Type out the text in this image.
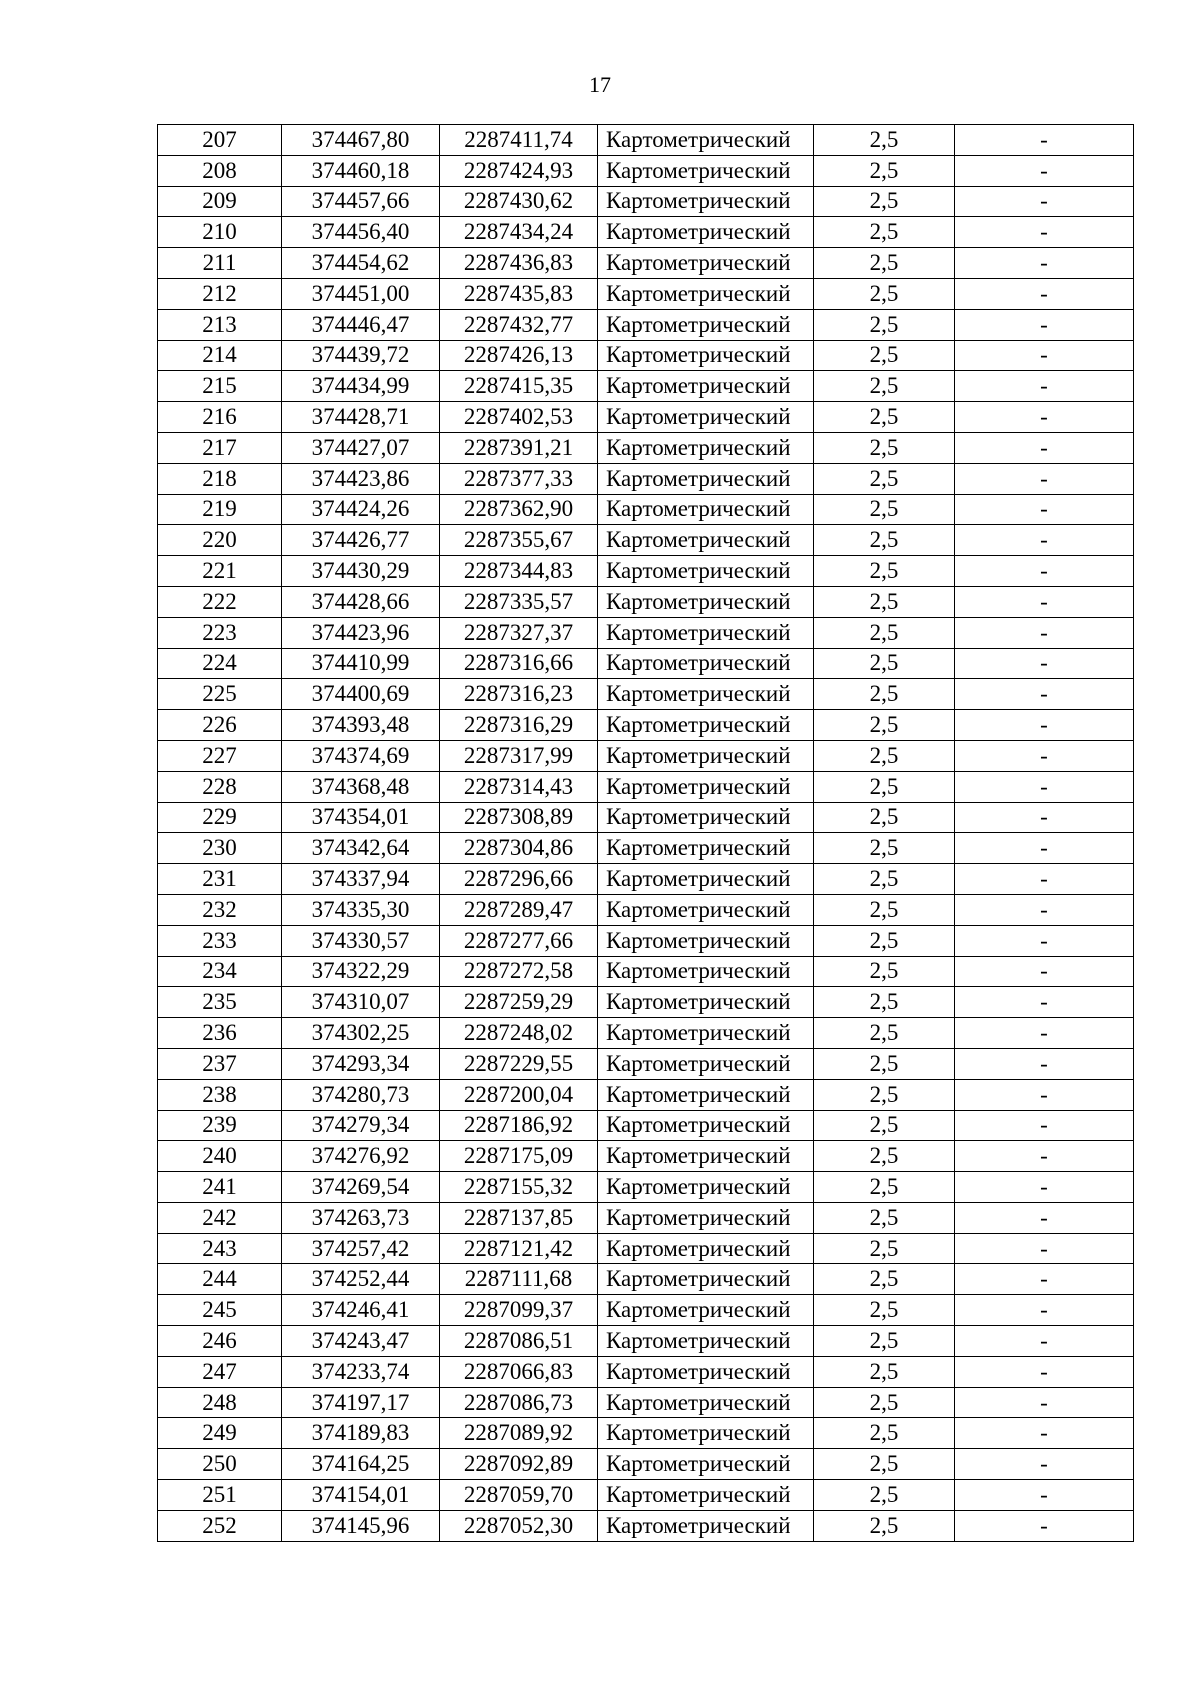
17
207	374467,80	2287411,74	Картометрический	2,5	-
208	374460,18	2287424,93	Картометрический	2,5	-
209	374457,66	2287430,62	Картометрический	2,5	-
210	374456,40	2287434,24	Картометрический	2,5	-
211	374454,62	2287436,83	Картометрический	2,5	-
212	374451,00	2287435,83	Картометрический	2,5	-
213	374446,47	2287432,77	Картометрический	2,5	-
214	374439,72	2287426,13	Картометрический	2,5	-
215	374434,99	2287415,35	Картометрический	2,5	-
216	374428,71	2287402,53	Картометрический	2,5	-
217	374427,07	2287391,21	Картометрический	2,5	-
218	374423,86	2287377,33	Картометрический	2,5	-
219	374424,26	2287362,90	Картометрический	2,5	-
220	374426,77	2287355,67	Картометрический	2,5	-
221	374430,29	2287344,83	Картометрический	2,5	-
222	374428,66	2287335,57	Картометрический	2,5	-
223	374423,96	2287327,37	Картометрический	2,5	-
224	374410,99	2287316,66	Картометрический	2,5	-
225	374400,69	2287316,23	Картометрический	2,5	-
226	374393,48	2287316,29	Картометрический	2,5	-
227	374374,69	2287317,99	Картометрический	2,5	-
228	374368,48	2287314,43	Картометрический	2,5	-
229	374354,01	2287308,89	Картометрический	2,5	-
230	374342,64	2287304,86	Картометрический	2,5	-
231	374337,94	2287296,66	Картометрический	2,5	-
232	374335,30	2287289,47	Картометрический	2,5	-
233	374330,57	2287277,66	Картометрический	2,5	-
234	374322,29	2287272,58	Картометрический	2,5	-
235	374310,07	2287259,29	Картометрический	2,5	-
236	374302,25	2287248,02	Картометрический	2,5	-
237	374293,34	2287229,55	Картометрический	2,5	-
238	374280,73	2287200,04	Картометрический	2,5	-
239	374279,34	2287186,92	Картометрический	2,5	-
240	374276,92	2287175,09	Картометрический	2,5	-
241	374269,54	2287155,32	Картометрический	2,5	-
242	374263,73	2287137,85	Картометрический	2,5	-
243	374257,42	2287121,42	Картометрический	2,5	-
244	374252,44	2287111,68	Картометрический	2,5	-
245	374246,41	2287099,37	Картометрический	2,5	-
246	374243,47	2287086,51	Картометрический	2,5	-
247	374233,74	2287066,83	Картометрический	2,5	-
248	374197,17	2287086,73	Картометрический	2,5	-
249	374189,83	2287089,92	Картометрический	2,5	-
250	374164,25	2287092,89	Картометрический	2,5	-
251	374154,01	2287059,70	Картометрический	2,5	-
252	374145,96	2287052,30	Картометрический	2,5	-
